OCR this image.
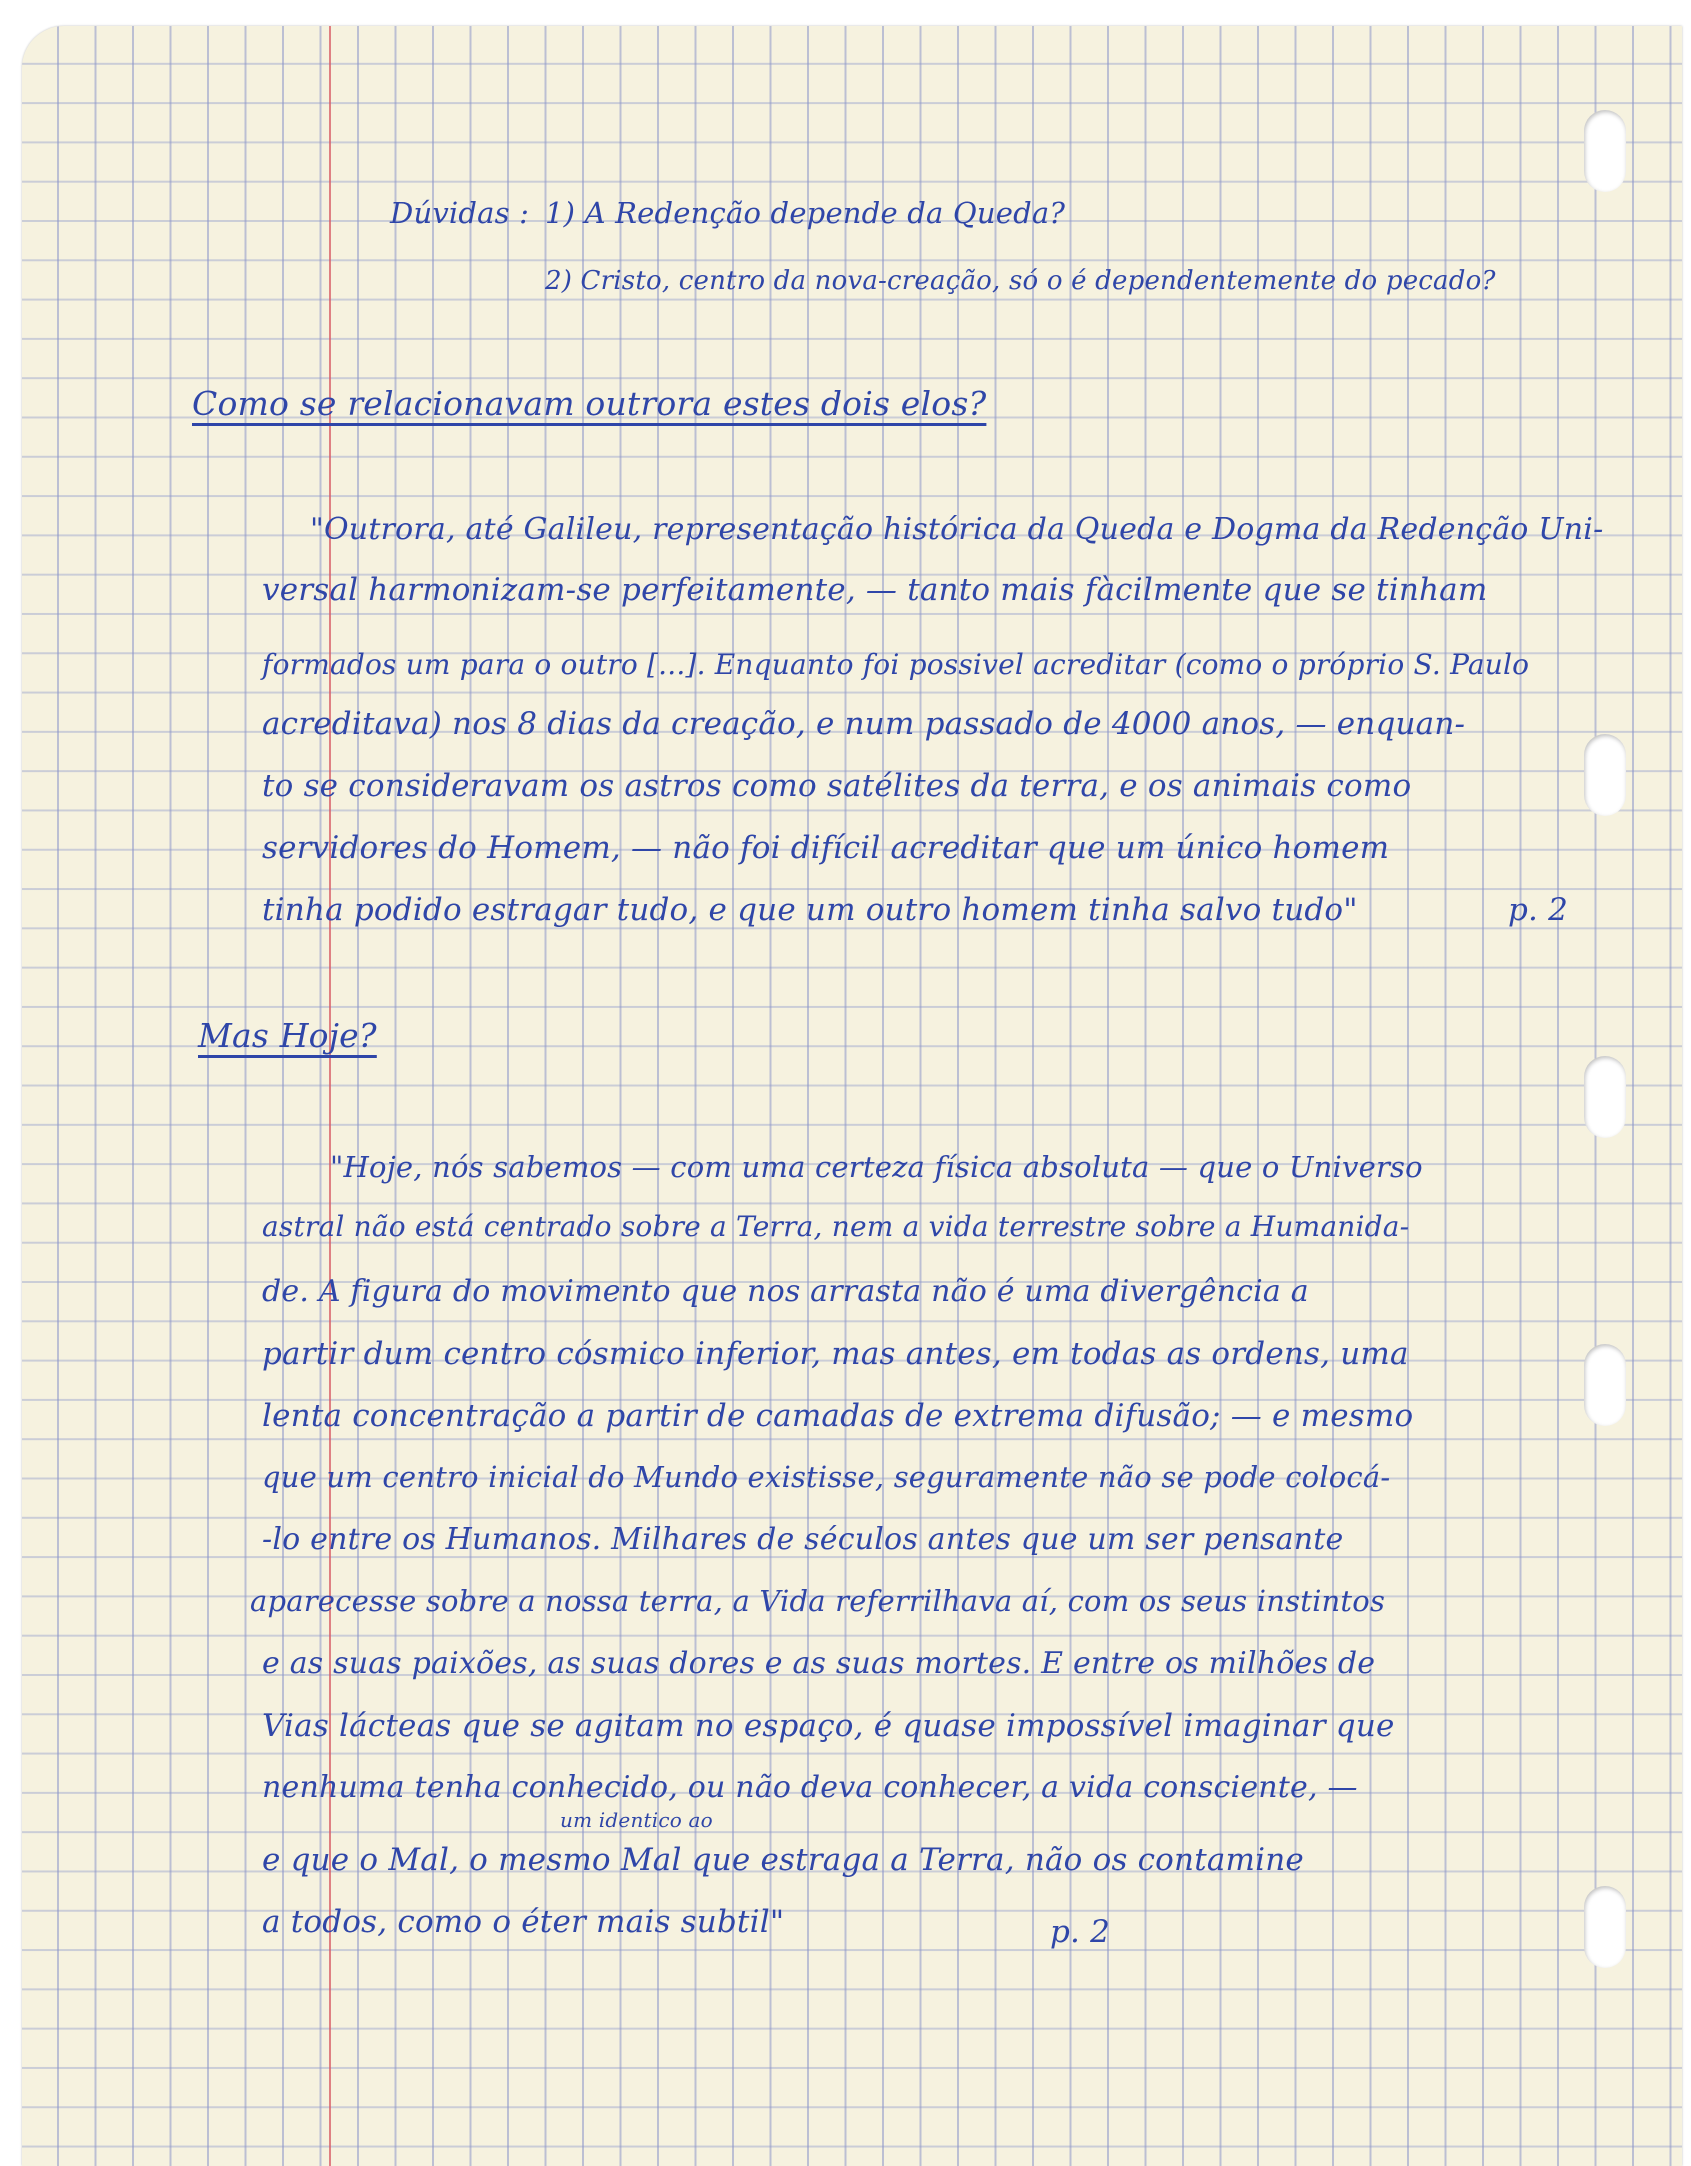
Dúvidas : 1) A Redenção depende da Queda?

2) Cristo, centro da nova-creação, só o é dependentemente do pecado?

Como se relacionavam outrora estes dois elos?

"Outrora, até Galileu, representação histórica da Queda e Dogma da Redenção Uni-

versal harmonizam-se perfeitamente, — tanto mais fàcilmente que se tinham

formados um para o outro [...]. Enquanto foi possivel acreditar (como o próprio S. Paulo

acreditava) nos 8 dias da creação, e num passado de 4000 anos, — enquan-

to se consideravam os astros como satélites da terra, e os animais como

servidores do Homem, — não foi difícil acreditar que um único homem

tinha podido estragar tudo, e que um outro homem tinha salvo tudo"	p. 2

Mas Hoje?

"Hoje, nós sabemos — com uma certeza física absoluta — que o Universo

astral não está centrado sobre a Terra, nem a vida terrestre sobre a Humanida-

de. A figura do movimento que nos arrasta não é uma divergência a

partir dum centro cósmico inferior, mas antes, em todas as ordens, uma

lenta concentração a partir de camadas de extrema difusão; — e mesmo

que um centro inicial do Mundo existisse, seguramente não se pode colocá-

-lo entre os Humanos. Milhares de séculos antes que um ser pensante

aparecesse sobre a nossa terra, a Vida referrilhava aí, com os seus instintos

e as suas paixões, as suas dores e as suas mortes. E entre os milhões de

Vias lácteas que se agitam no espaço, é quase impossível imaginar que

nenhuma tenha conhecido, ou não deva conhecer, a vida consciente, —

um identico ao

e que o Mal, o mesmo Mal que estraga a Terra, não os contamine

a todos, como o éter mais subtil"	p. 2
